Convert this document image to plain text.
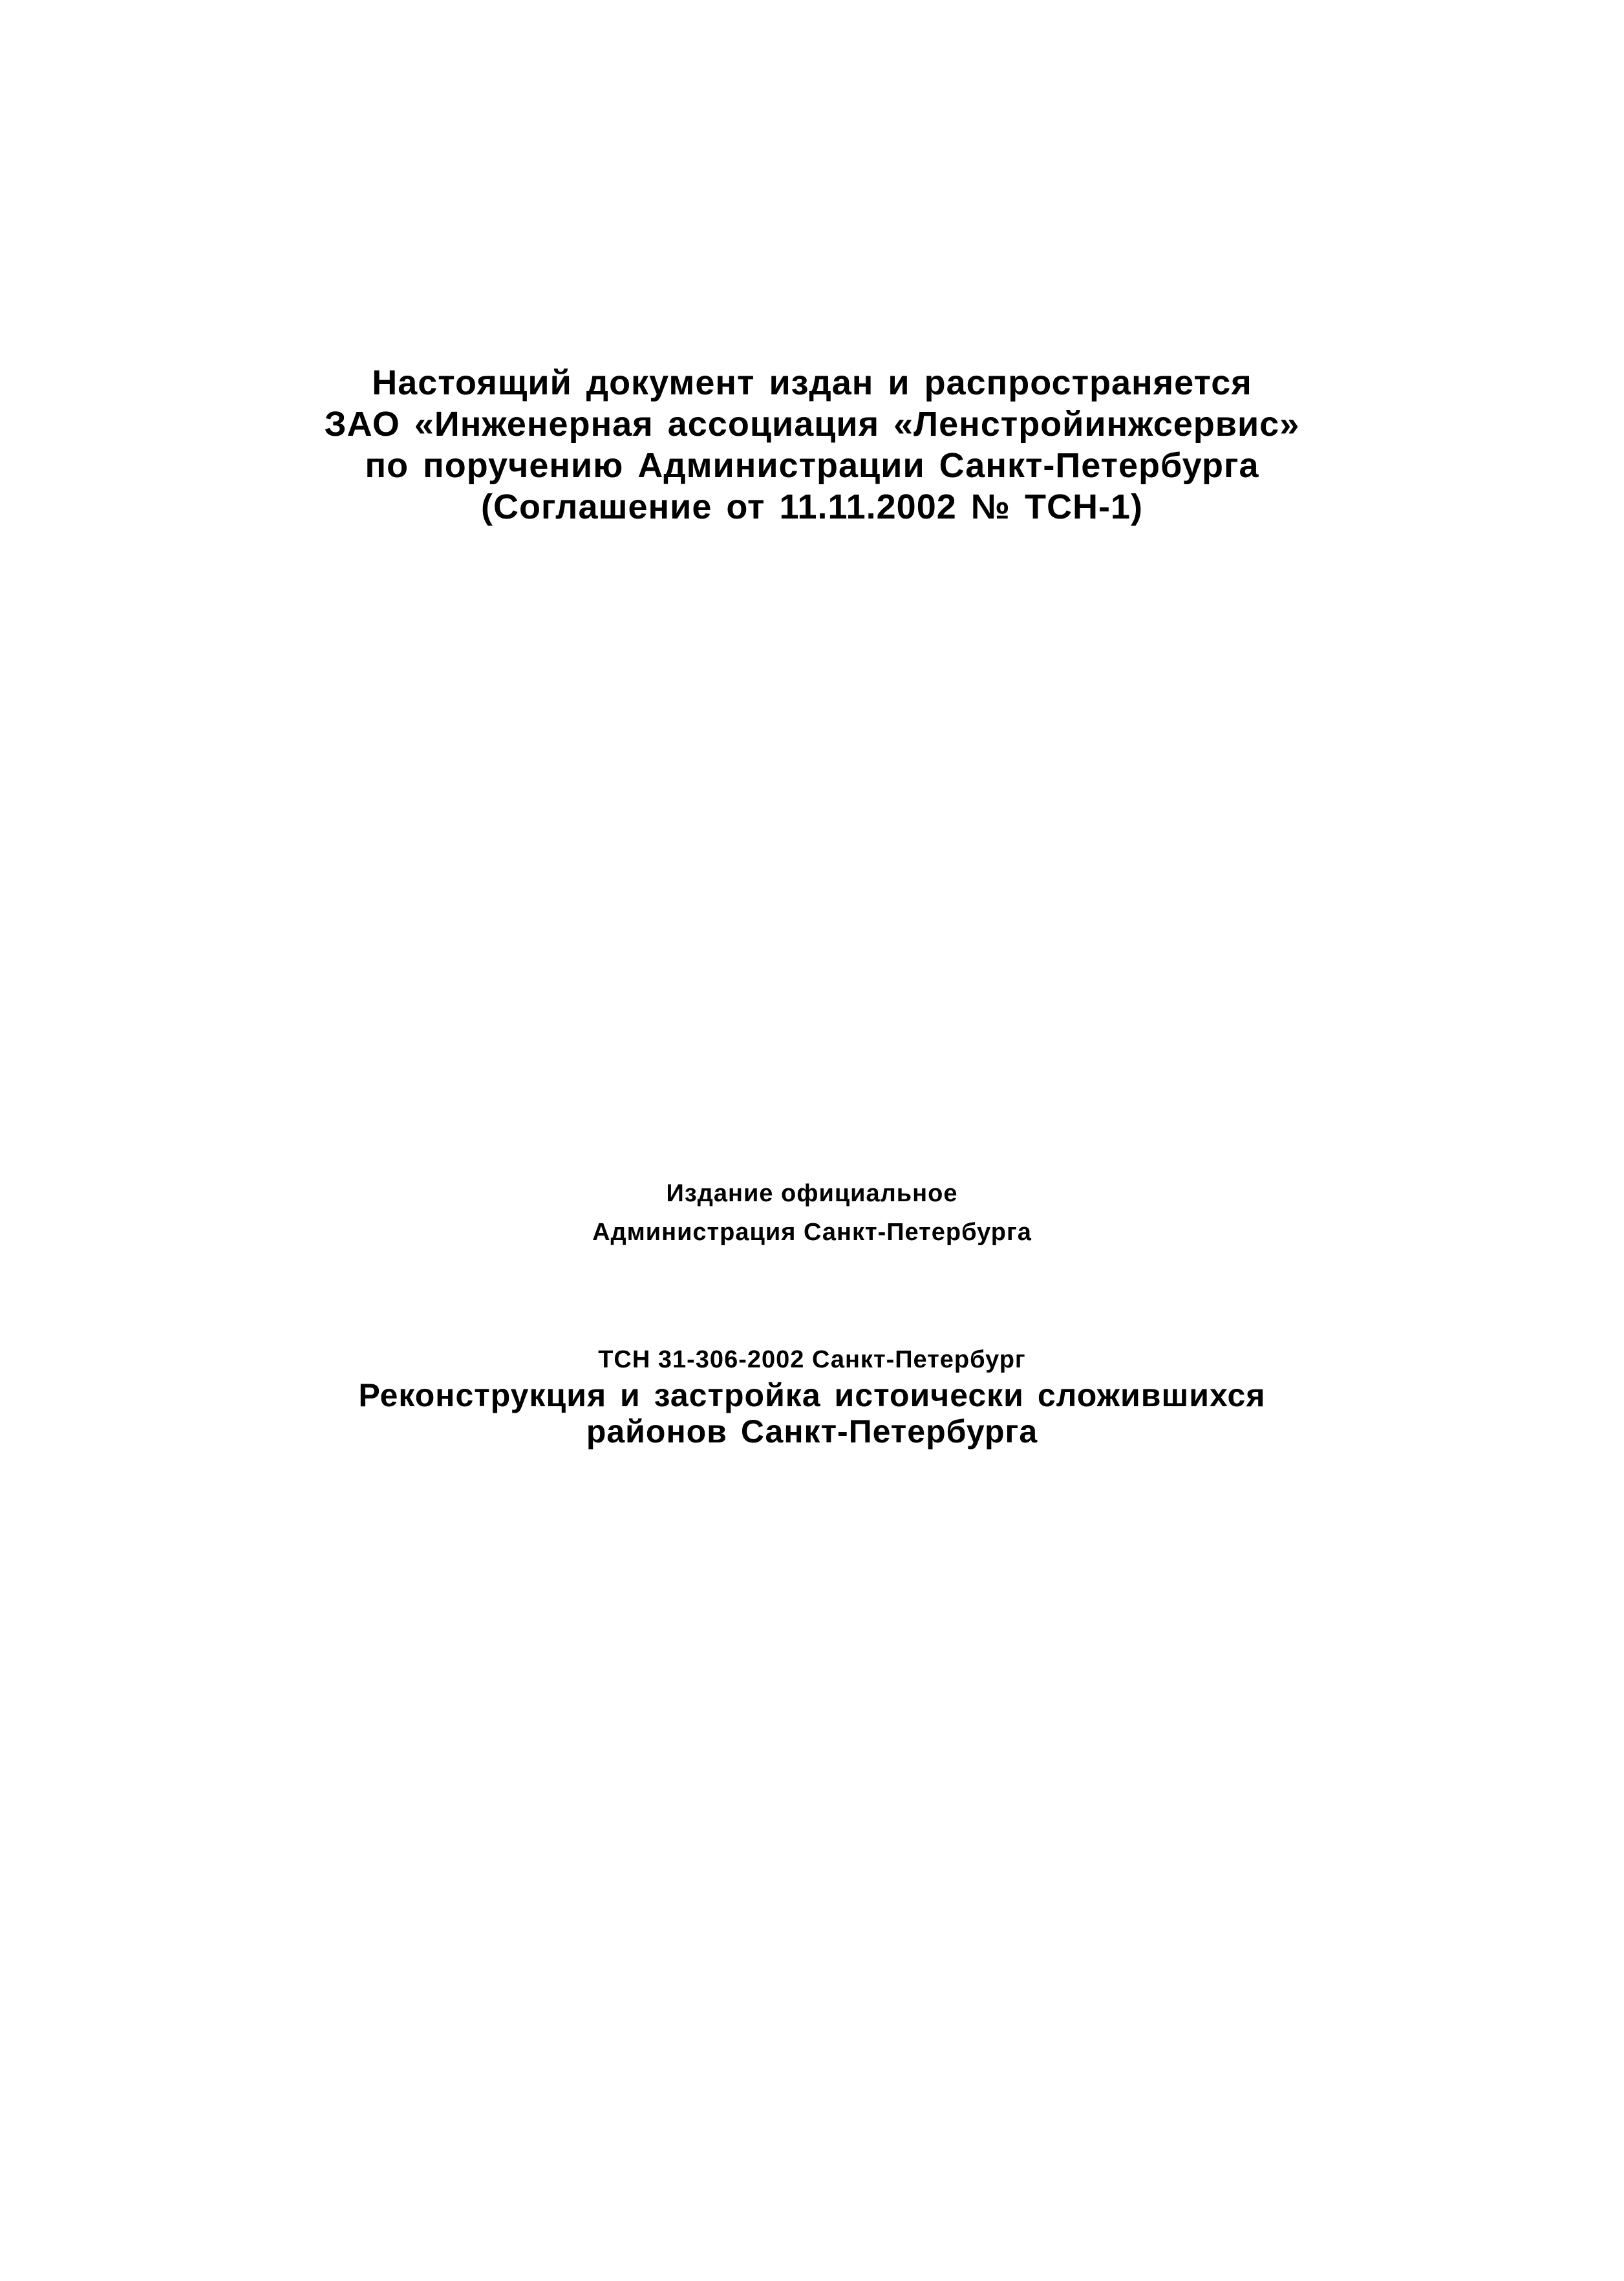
Настоящий документ издан и распространяется
ЗАО «Инженерная ассоциация «Ленстройинжсервис»
по поручению Администрации Санкт-Петербурга
(Соглашение от 11.11.2002 № ТСН-1)
Издание официальное
Администрация Санкт-Петербурга
ТСН 31-306-2002 Санкт-Петербург
Реконструкция и застройка истоически сложившихся
районов Санкт-Петербурга
